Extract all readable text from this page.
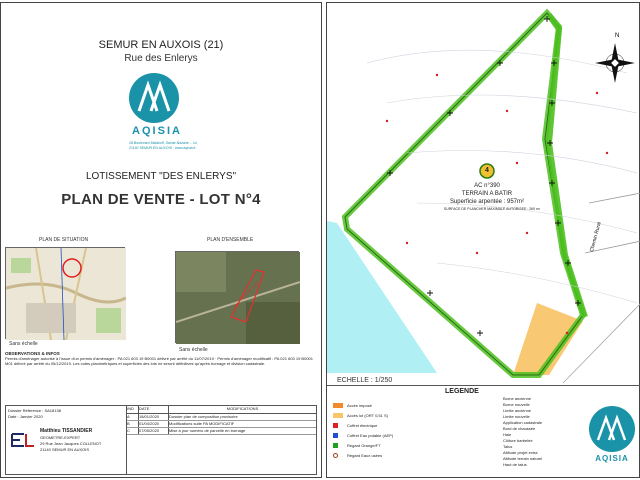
SEMUR EN AUXOIS (21)
Rue des Enlerys
AQISIA
28 Boulevard Malakoff, Sainte-Nazaire… Ici, 21140 SEMUR EN AUXOIS · www.aqisia.fr
LOTISSEMENT "DES ENLERYS"
PLAN DE VENTE - LOT N°4
PLAN DE SITUATION	PLAN D'ENSEMBLE
Sans échelle
Sans échelle
OBSERVATIONS & INFOS
Permis d'aménager autorisé à l'issue d'un permis d'aménager : PA 021 603 19 B0001 délivré par arrêté du 11/07/2019 · Permis d'aménager modificatif : PA 021 603 19 B0001 M01 délivré par arrêté du 05/12/2019. Les cotes planimétriques et superficies des lots ne seront définitives qu'après bornage et division cadastrale.
Dossier Référence : SA18138
Date : Janvier 2020
Matthieu TISSANDIER
GEOMETRE-EXPERT
29 Rue Jean Jacques COLLENOT
21140 SEMUR EN AUXOIS
IND	DATE	MODIFICATIONS
A	18/01/2020	Dossier plan de composition provisoire
B	01/04/2020	Modifications suite PA MODIFICATIF
C	07/05/2020	Mise à jour numéro de parcelle en bornage
N
4
AC n°390
TERRAIN A BATIR
Superficie arpentée : 957m²
SURFACE DE PLANCHER MAXIMALE AUTORISEE : 260 m²
Chemin Rural
ECHELLE : 1/250
LEGENDE
Accès imposé
Accès lot (ORT 0,51 S)
Coffret électrique
Coffret Eau potable (AEP)
Regard Orange/FT
Regard Eaux usées
Borne ancienne
Borne nouvelle
Limite ancienne
Limite nouvelle
Application cadastrale
Bord de chaussée
Haie
Clôture barbelée
Talus
Altitude projet extra
Altitude terrain naturel
Haut de talus
AQISIA
